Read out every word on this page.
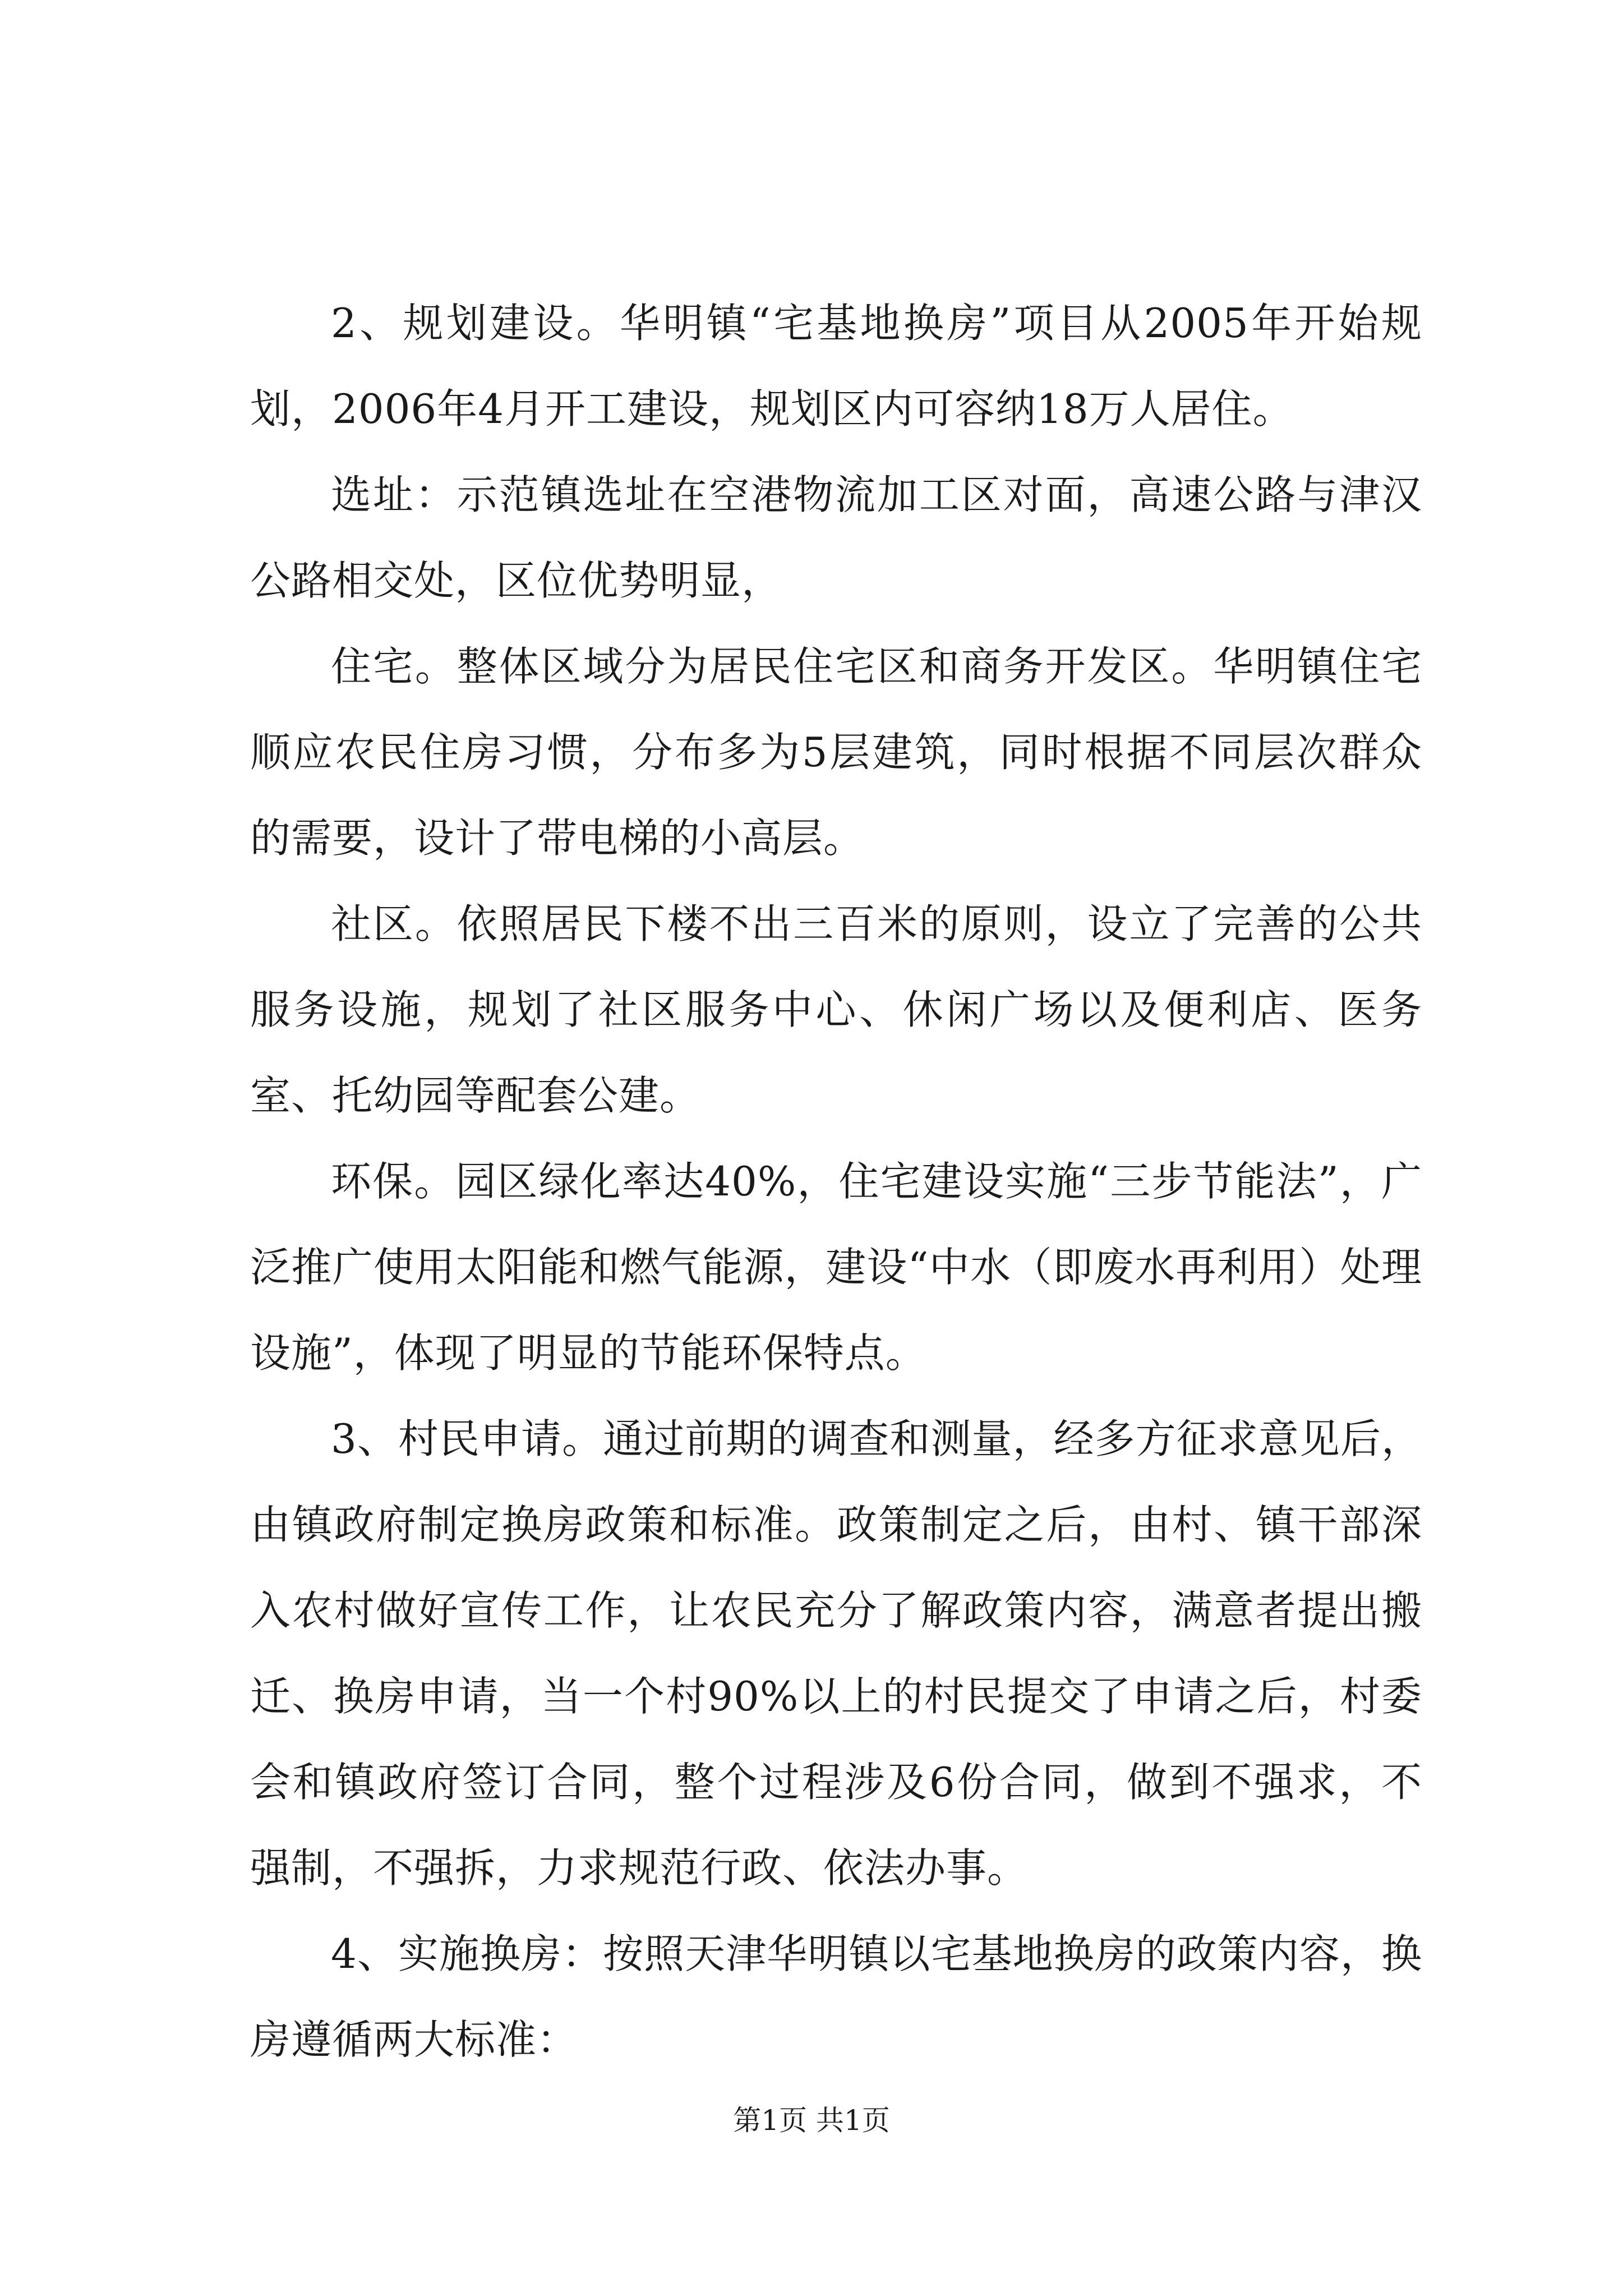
2、规划建设。华明镇“宅基地换房”项目从2005年开始规划，2006年4月开工建设，规划区内可容纳18万人居住。

选址：示范镇选址在空港物流加工区对面，高速公路与津汉公路相交处，区位优势明显，

住宅。整体区域分为居民住宅区和商务开发区。华明镇住宅顺应农民住房习惯，分布多为5层建筑，同时根据不同层次群众的需要，设计了带电梯的小高层。

社区。依照居民下楼不出三百米的原则，设立了完善的公共服务设施，规划了社区服务中心、休闲广场以及便利店、医务室、托幼园等配套公建。

环保。园区绿化率达40%，住宅建设实施“三步节能法”，广泛推广使用太阳能和燃气能源，建设“中水（即废水再利用）处理设施”，体现了明显的节能环保特点。

3、村民申请。通过前期的调查和测量，经多方征求意见后，由镇政府制定换房政策和标准。政策制定之后，由村、镇干部深入农村做好宣传工作，让农民充分了解政策内容，满意者提出搬迁、换房申请，当一个村90%以上的村民提交了申请之后，村委会和镇政府签订合同，整个过程涉及6份合同，做到不强求，不强制，不强拆，力求规范行政、依法办事。

4、实施换房：按照天津华明镇以宅基地换房的政策内容，换房遵循两大标准：

第1页 共1页
